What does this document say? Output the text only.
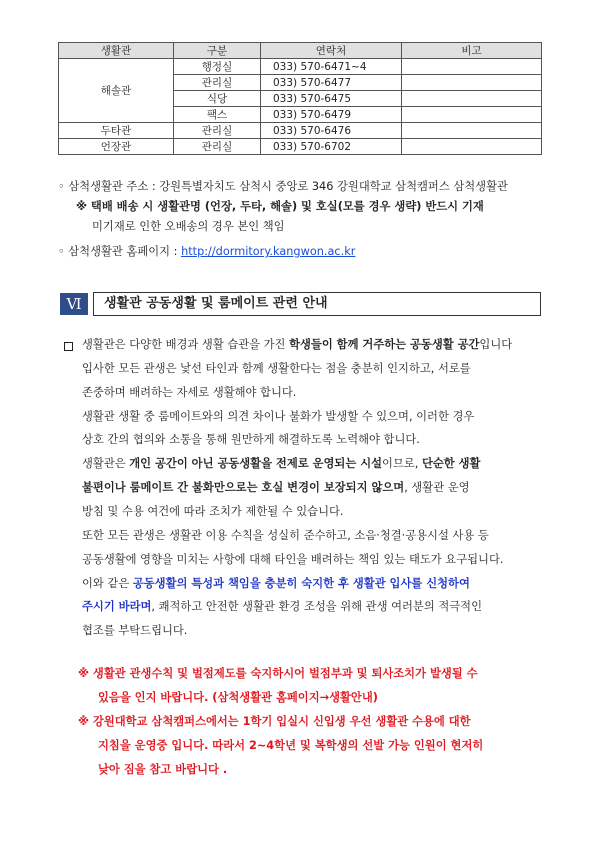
생활관	구분	연락처	비고
해솔관	행정실	033) 570-6471~4	
	관리실	033) 570-6477	
	식당	033) 570-6475	
	팩스	033) 570-6479	
두타관	관리실	033) 570-6476	
언장관	관리실	033) 570-6702	
◦ 삼척생활관 주소 : 강원특별자치도 삼척시 중앙로 346 강원대학교 삼척캠퍼스 삼척생활관
※ 택배 배송 시 생활관명 (언장, 두타, 해솔) 및 호실(모를 경우 생략) 반드시 기재
미기재로 인한 오배송의 경우 본인 책임
◦ 삼척생활관 홈페이지 : http://dormitory.kangwon.ac.kr
Ⅵ	생활관 공동생활 및 룸메이트 관련 안내
생활관은 다양한 배경과 생활 습관을 가진 학생들이 함께 거주하는 공동생활 공간입니다
입사한 모든 관생은 낯선 타인과 함께 생활한다는 점을 충분히 인지하고, 서로를
존중하며 배려하는 자세로 생활해야 합니다.
생활관 생활 중 룸메이트와의 의견 차이나 불화가 발생할 수 있으며, 이러한 경우
상호 간의 협의와 소통을 통해 원만하게 해결하도록 노력해야 합니다.
생활관은 개인 공간이 아닌 공동생활을 전제로 운영되는 시설이므로, 단순한 생활
불편이나 룸메이트 간 불화만으로는 호실 변경이 보장되지 않으며, 생활관 운영
방침 및 수용 여건에 따라 조치가 제한될 수 있습니다.
또한 모든 관생은 생활관 이용 수칙을 성실히 준수하고, 소음·청결·공용시설 사용 등
공동생활에 영향을 미치는 사항에 대해 타인을 배려하는 책임 있는 태도가 요구됩니다.
이와 같은 공동생활의 특성과 책임을 충분히 숙지한 후 생활관 입사를 신청하여
주시기 바라며, 쾌적하고 안전한 생활관 환경 조성을 위해 관생 여러분의 적극적인
협조를 부탁드립니다.
※ 생활관 관생수칙 및 벌점제도를 숙지하시어 벌점부과 및 퇴사조치가 발생될 수
있음을 인지 바랍니다. (삼척생활관 홈페이지→생활안내)
※ 강원대학교 삼척캠퍼스에서는 1학기 입실시 신입생 우선 생활관 수용에 대한
지침을 운영중 입니다. 따라서 2~4학년 및 복학생의 선발 가능 인원이 현저히
낮아 짐을 참고 바랍니다 .
